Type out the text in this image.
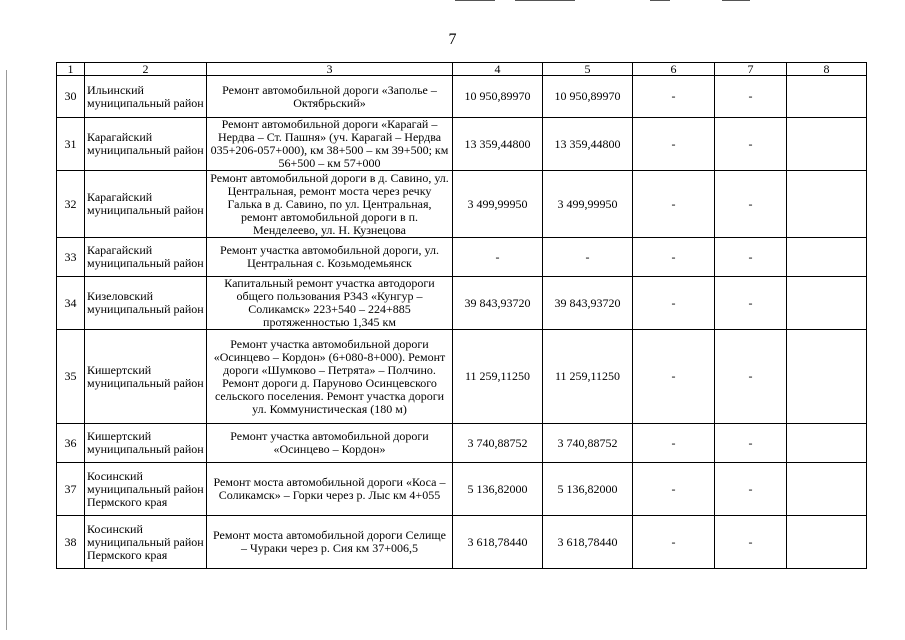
7
1	2	3	4	5	6	7	8
30	Ильинский муниципальный район	Ремонт автомобильной дороги «Заполье – Октябрьский»	10 950,89970	10 950,89970	-	-	
31	Карагайский муниципальный район	Ремонт автомобильной дороги «Карагай – Нердва – Ст. Пашня» (уч. Карагай – Нердва 035+206-057+000), км 38+500 – км 39+500; км 56+500 – км 57+000	13 359,44800	13 359,44800	-	-	
32	Карагайский муниципальный район	Ремонт автомобильной дороги в д. Савино, ул. Центральная, ремонт моста через речку Галька в д. Савино, по ул. Центральная, ремонт автомобильной дороги в п. Менделеево, ул. Н. Кузнецова	3 499,99950	3 499,99950	-	-	
33	Карагайский муниципальный район	Ремонт участка автомобильной дороги, ул. Центральная с. Козьмодемьянск	-	-	-	-	
34	Кизеловский муниципальный район	Капитальный ремонт участка автодороги общего пользования Р343 «Кунгур – Соликамск» 223+540 – 224+885 протяженностью 1,345 км	39 843,93720	39 843,93720	-	-	
35	Кишертский муниципальный район	Ремонт участка автомобильной дороги «Осинцево – Кордон» (6+080-8+000). Ремонт дороги «Шумково – Петрята» – Полчино. Ремонт дороги д. Паруново Осинцевского сельского поселения. Ремонт участка дороги ул. Коммунистическая (180 м)	11 259,11250	11 259,11250	-	-	
36	Кишертский муниципальный район	Ремонт участка автомобильной дороги «Осинцево – Кордон»	3 740,88752	3 740,88752	-	-	
37	Косинский муниципальный район Пермского края	Ремонт моста автомобильной дороги «Коса – Соликамск» – Горки через р. Лыс км 4+055	5 136,82000	5 136,82000	-	-	
38	Косинский муниципальный район Пермского края	Ремонт моста автомобильной дороги Селище – Чураки через р. Сия км 37+006,5	3 618,78440	3 618,78440	-	-	
